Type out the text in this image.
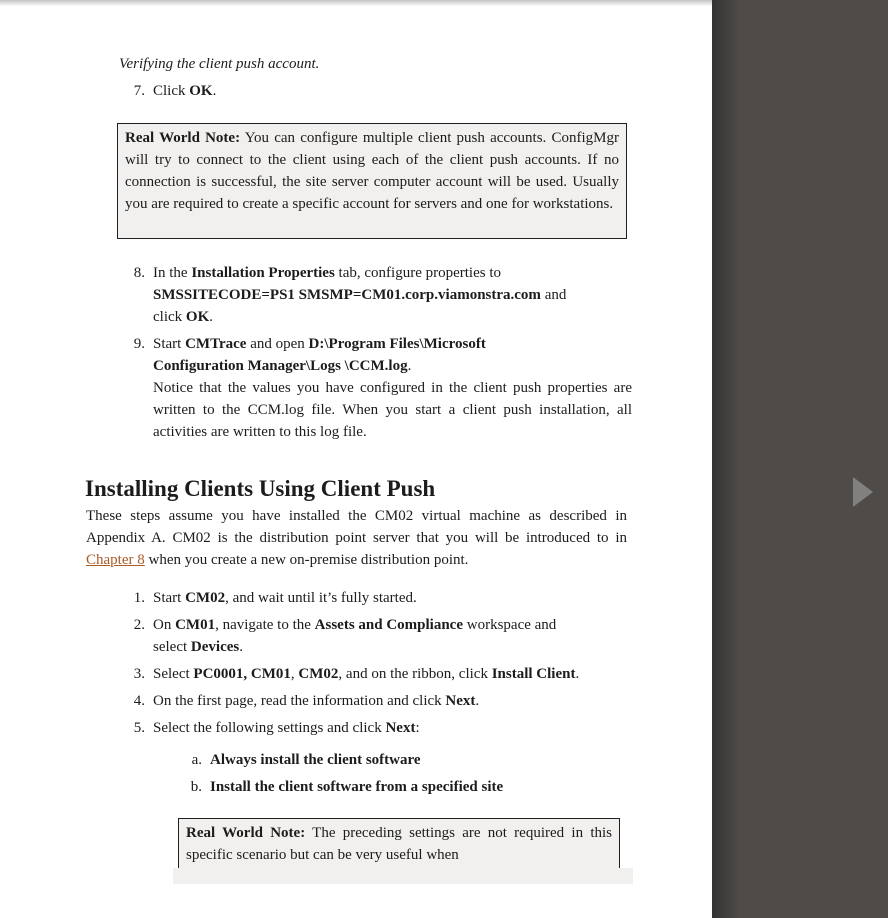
Verifying the client push account.

7. Click OK.
Real World Note: You can configure multiple client push accounts. ConfigMgr will try to connect to the client using each of the client push accounts. If no connection is successful, the site server computer account will be used. Usually you are required to create a specific account for servers and one for workstations.
8. In the Installation Properties tab, configure properties to
SMSSITECODE=PS1 SMSMP=CM01.corp.viamonstra.com and
click OK.
9. Start CMTrace and open D:\Program Files\Microsoft
Configuration Manager\Logs \CCM.log.
Notice that the values you have configured in the client push properties are written to the CCM.log file. When you start a client push installation, all activities are written to this log file.
Installing Clients Using Client Push

These steps assume you have installed the CM02 virtual machine as described in Appendix A. CM02 is the distribution point server that you will be introduced to in Chapter 8 when you create a new on-premise distribution point.

1. Start CM02, and wait until it’s fully started.
2. On CM01, navigate to the Assets and Compliance workspace and
select Devices.
3. Select PC0001, CM01, CM02, and on the ribbon, click Install Client.
4. On the first page, read the information and click Next.
5. Select the following settings and click Next:
a. Always install the client software
b. Install the client software from a specified site
Real World Note: The preceding settings are not required in this specific scenario but can be very useful when
